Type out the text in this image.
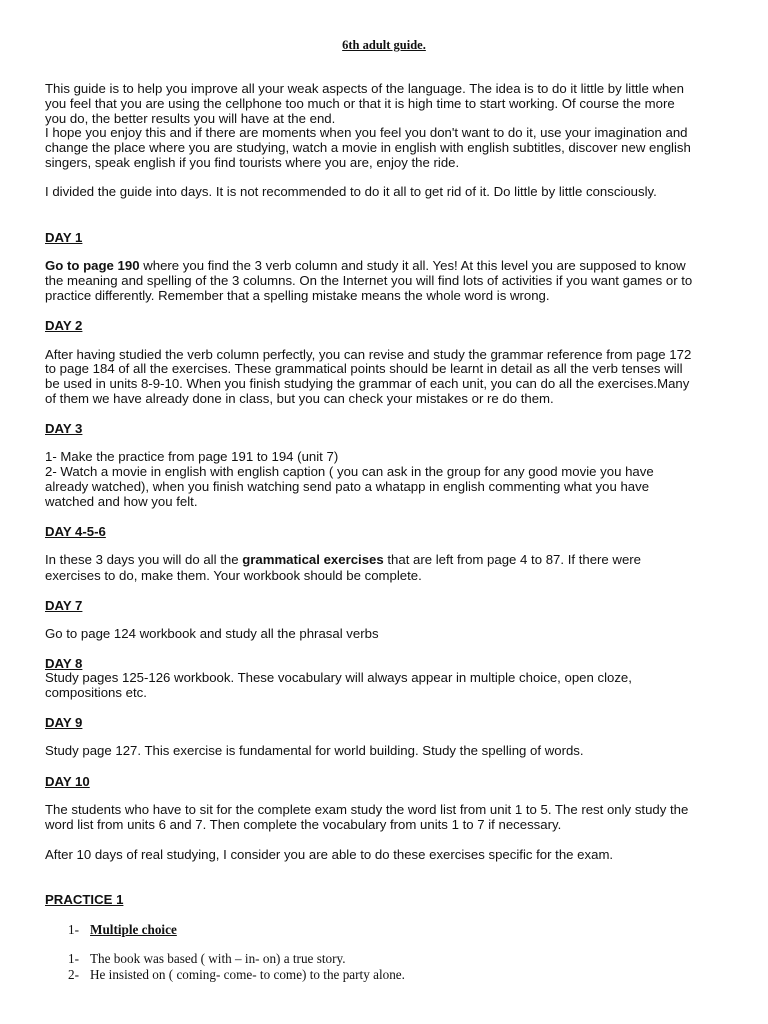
6th adult guide.

This guide is to help you improve all your weak aspects of the language. The idea is to do it little by little when

you feel that you are using the cellphone too much or that it is high time to start working. Of course the more

you do, the better results you will have at the end.

I hope you enjoy this and if there are moments when you feel you don't want to do it, use your imagination and

change the place where you are studying, watch a movie in english with english subtitles, discover new english

singers, speak english if you find tourists where you are, enjoy the ride.

I divided the guide into days. It is not recommended to do it all to get rid of it. Do little by little consciously.

DAY 1

Go to page 190 where you find the 3 verb column and study it all. Yes! At this level you are supposed to know

the meaning and spelling of the 3 columns. On the Internet you will find lots of activities if you want games or to

practice differently. Remember that a spelling mistake means the whole word is wrong.

DAY 2

After having studied the verb column perfectly, you can revise and study the grammar reference from page 172

to page 184 of all the exercises. These grammatical points should be learnt in detail as all the verb tenses will

be used in units 8-9-10. When you finish studying the grammar of each unit, you can do all the exercises.Many

of them we have already done in class, but you can check your mistakes or re do them.

DAY 3

1- Make the practice from page 191 to 194 (unit 7)

2- Watch a movie in english with english caption ( you can ask in the group for any good movie you have

already watched), when you finish watching send pato a whatapp in english commenting what you have

watched and how you felt.

DAY 4-5-6

In these 3 days you will do all the grammatical exercises that are left from page 4 to 87. If there were

exercises to do, make them. Your workbook should be complete.

DAY 7

Go to page 124 workbook and study all the phrasal verbs

DAY 8

Study pages 125-126 workbook. These vocabulary will always appear in multiple choice, open cloze,

compositions etc.

DAY 9

Study page 127. This exercise is fundamental for world building. Study the spelling of words.

DAY 10

The students who have to sit for the complete exam study the word list from unit 1 to 5. The rest only study the

word list from units 6 and 7. Then complete the vocabulary from units 1 to 7 if necessary.

After 10 days of real studying, I consider you are able to do these exercises specific for the exam.

PRACTICE 1

1- Multiple choice

1- The book was based ( with – in- on) a true story.

2- He insisted on ( coming- come- to come) to the party alone.
